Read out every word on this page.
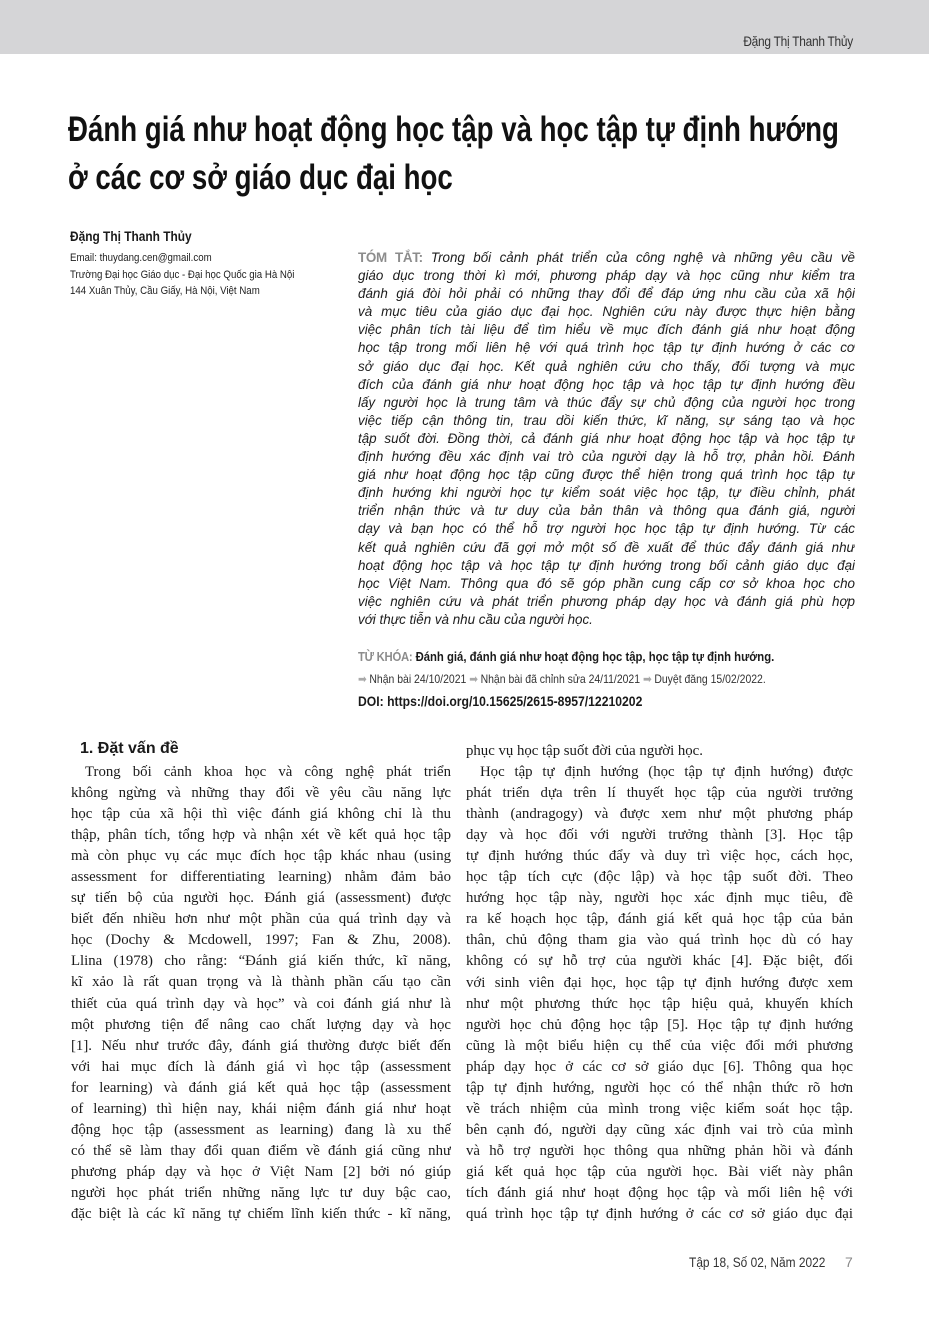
Đặng Thị Thanh Thủy
Đánh giá như hoạt động học tập và học tập tự định hướng
ở các cơ sở giáo dục đại học
Đặng Thị Thanh Thủy
Email: thuydang.cen@gmail.com
Trường Đại học Giáo dục - Đại học Quốc gia Hà Nội
144 Xuân Thủy, Cầu Giấy, Hà Nội, Việt Nam
TÓM TẮT: Trong bối cảnh phát triển của công nghệ và những yêu cầu về
giáo dục trong thời kì mới, phương pháp dạy và học cũng như kiểm tra
đánh giá đòi hỏi phải có những thay đổi để đáp ứng nhu cầu của xã hội
và mục tiêu của giáo dục đại học. Nghiên cứu này được thực hiện bằng
việc phân tích tài liệu để tìm hiểu về mục đích đánh giá như hoạt động
học tập trong mối liên hệ với quá trình học tập tự định hướng ở các cơ
sở giáo dục đại học. Kết quả nghiên cứu cho thấy, đối tượng và mục
đích của đánh giá như hoạt động học tập và học tập tự định hướng đều
lấy người học là trung tâm và thúc đẩy sự chủ động của người học trong
việc tiếp cận thông tin, trau dồi kiến thức, kĩ năng, sự sáng tạo và học
tập suốt đời. Đồng thời, cả đánh giá như hoạt động học tập và học tập tự
định hướng đều xác định vai trò của người dạy là hỗ trợ, phản hồi. Đánh
giá như hoạt động học tập cũng được thể hiện trong quá trình học tập tự
định hướng khi người học tự kiểm soát việc học tập, tự điều chỉnh, phát
triển nhận thức và tư duy của bản thân và thông qua đánh giá, người
dạy và bạn học có thể hỗ trợ người học học tập tự định hướng. Từ các
kết quả nghiên cứu đã gợi mở một số đề xuất để thúc đẩy đánh giá như
hoạt động học tập và học tập tự định hướng trong bối cảnh giáo dục đại
học Việt Nam. Thông qua đó sẽ góp phần cung cấp cơ sở khoa học cho
việc nghiên cứu và phát triển phương pháp dạy học và đánh giá phù hợp
với thực tiễn và nhu cầu của người học.
TỪ KHÓA: Đánh giá, đánh giá như hoạt động học tập, học tập tự định hướng.
➡ Nhận bài 24/10/2021 ➡ Nhận bài đã chỉnh sửa 24/11/2021 ➡ Duyệt đăng 15/02/2022.
DOI: https://doi.org/10.15625/2615-8957/12210202
1. Đặt vấn đề
Trong bối cảnh khoa học và công nghệ phát triển
không ngừng và những thay đổi về yêu cầu năng lực
học tập của xã hội thì việc đánh giá không chỉ là thu
thập, phân tích, tổng hợp và nhận xét về kết quả học tập
mà còn phục vụ các mục đích học tập khác nhau (using
assessment for differentiating learning) nhằm đảm bảo
sự tiến bộ của người học. Đánh giá (assessment) được
biết đến nhiều hơn như một phần của quá trình dạy và
học (Dochy & Mcdowell, 1997; Fan & Zhu, 2008).
Llina (1978) cho rằng: “Đánh giá kiến thức, kĩ năng,
kĩ xảo là rất quan trọng và là thành phần cấu tạo cần
thiết của quá trình dạy và học” và coi đánh giá như là
một phương tiện để nâng cao chất lượng dạy và học
[1]. Nếu như trước đây, đánh giá thường được biết đến
với hai mục đích là đánh giá vì học tập (assessment
for learning) và đánh giá kết quả học tập (assessment
of learning) thì hiện nay, khái niệm đánh giá như hoạt
động học tập (assessment as learning) đang là xu thế
có thể sẽ làm thay đổi quan điểm về đánh giá cũng như
phương pháp dạy và học ở Việt Nam [2] bởi nó giúp
người học phát triển những năng lực tư duy bậc cao,
đặc biệt là các kĩ năng tự chiếm lĩnh kiến thức - kĩ năng,
phục vụ học tập suốt đời của người học.
Học tập tự định hướng (học tập tự định hướng) được
phát triển dựa trên lí thuyết học tập của người trưởng
thành (andragogy) và được xem như một phương pháp
dạy và học đối với người trưởng thành [3]. Học tập
tự định hướng thúc đẩy và duy trì việc học, cách học,
học tập tích cực (độc lập) và học tập suốt đời. Theo
hướng học tập này, người học xác định mục tiêu, đề
ra kế hoạch học tập, đánh giá kết quả học tập của bản
thân, chủ động tham gia vào quá trình học dù có hay
không có sự hỗ trợ của người khác [4]. Đặc biệt, đối
với sinh viên đại học, học tập tự định hướng được xem
như một phương thức học tập hiệu quả, khuyến khích
người học chủ động học tập [5]. Học tập tự định hướng
cũng là một biểu hiện cụ thể của việc đổi mới phương
pháp dạy học ở các cơ sở giáo dục [6]. Thông qua học
tập tự định hướng, người học có thể nhận thức rõ hơn
về trách nhiệm của mình trong việc kiểm soát học tập.
bên cạnh đó, người dạy cũng xác định vai trò của mình
và hỗ trợ người học thông qua những phản hồi và đánh
giá kết quả học tập của người học. Bài viết này phân
tích đánh giá như hoạt động học tập và mối liên hệ với
quá trình học tập tự định hướng ở các cơ sở giáo dục đại
Tập 18, Số 02, Năm 2022 7
